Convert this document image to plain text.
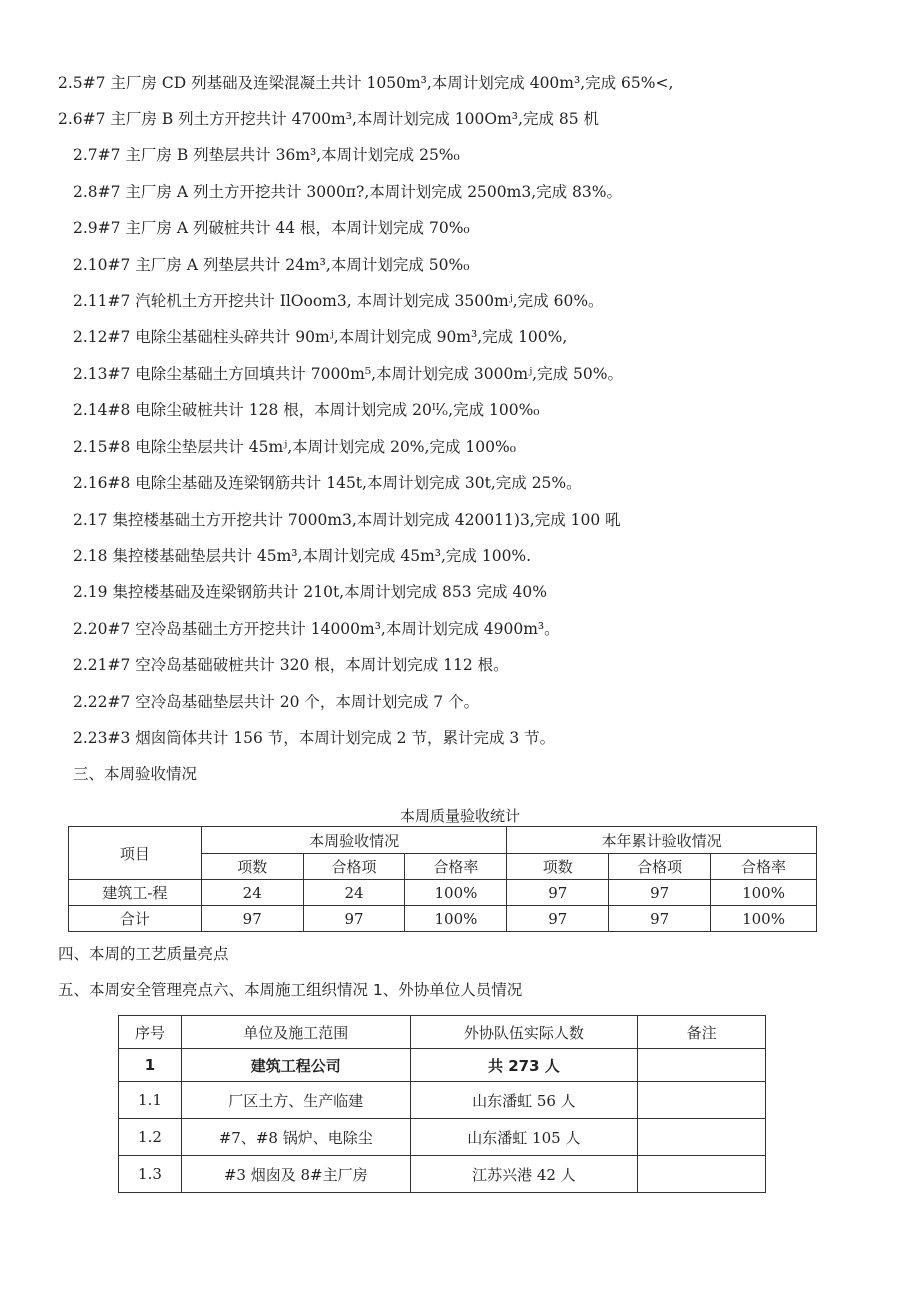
2.5#7 主厂房 CD 列基础及连梁混凝土共计 1050m³,本周计划完成 400m³,完成 65%<,
2.6#7 主厂房 B 列土方开挖共计 4700m³,本周计划完成 100Om³,完成 85 机
2.7#7 主厂房 B 列垫层共计 36m³,本周计划完成 25%₀
2.8#7 主厂房 A 列土方开挖共计 3000π?,本周计划完成 2500m3,完成 83%。
2.9#7 主厂房 A 列破桩共计 44 根，本周计划完成 70%₀
2.10#7 主厂房 A 列垫层共计 24m³,本周计划完成 50%₀
2.11#7 汽轮机土方开挖共计 IlOoom3, 本周计划完成 3500mʲ,完成 60%。
2.12#7 电除尘基础柱头碎共计 90mʲ,本周计划完成 90m³,完成 100%,
2.13#7 电除尘基础土方回填共计 7000m⁵,本周计划完成 3000mʲ,完成 50%。
2.14#8 电除尘破桩共计 128 根，本周计划完成 20ᴵᴵ⁄ₒ,完成 100%₀
2.15#8 电除尘垫层共计 45mʲ,本周计划完成 20%,完成 100%₀
2.16#8 电除尘基础及连梁钢筋共计 145t,本周计划完成 30t,完成 25%。
2.17 集控楼基础土方开挖共计 7000m3,本周计划完成 420011)3,完成 100 吼
2.18 集控楼基础垫层共计 45m³,本周计划完成 45m³,完成 100%.
2.19 集控楼基础及连梁钢筋共计 210t,本周计划完成 853 完成 40%
2.20#7 空冷岛基础土方开挖共计 14000m³,本周计划完成 4900m³。
2.21#7 空冷岛基础破桩共计 320 根，本周计划完成 112 根。
2.22#7 空冷岛基础垫层共计 20 个，本周计划完成 7 个。
2.23#3 烟囱筒体共计 156 节，本周计划完成 2 节，累计完成 3 节。
三、本周验收情况
本周质量验收统计
项目	本周验收情况			本年累计验收情况		
	项数	合格项	合格率	项数	合格项	合格率
建筑工-程	24	24	100%	97	97	100%
合计	97	97	100%	97	97	100%
四、本周的工艺质量亮点
五、本周安全管理亮点六、本周施工组织情况 1、外协单位人员情况
序号	单位及施工范围	外协队伍实际人数	备注
1	建筑工程公司	共 273 人	
1.1	厂区土方、生产临建	山东潘虹 56 人	
1.2	#7、#8 锅炉、电除尘	山东潘虹 105 人	
1.3	#3 烟囱及 8#主厂房	江苏兴港 42 人	
